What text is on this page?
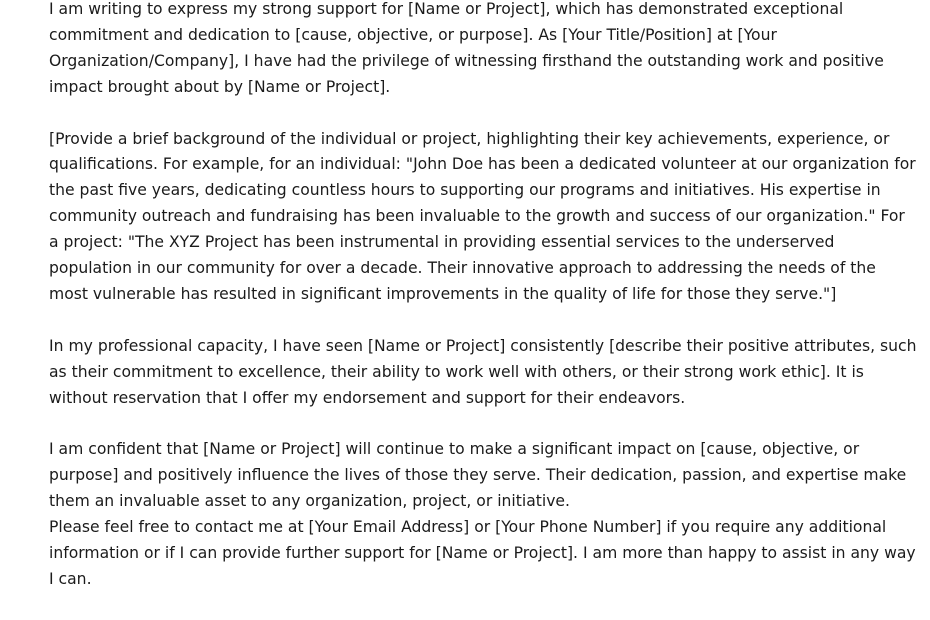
I am writing to express my strong support for [Name or Project], which has demonstrated exceptional commitment and dedication to [cause, objective, or purpose]. As [Your Title/Position] at [Your Organization/Company], I have had the privilege of witnessing firsthand the outstanding work and positive impact brought about by [Name or Project].

[Provide a brief background of the individual or project, highlighting their key achievements, experience, or qualifications. For example, for an individual: "John Doe has been a dedicated volunteer at our organization for the past five years, dedicating countless hours to supporting our programs and initiatives. His expertise in community outreach and fundraising has been invaluable to the growth and success of our organization." For a project: "The XYZ Project has been instrumental in providing essential services to the underserved population in our community for over a decade. Their innovative approach to addressing the needs of the most vulnerable has resulted in significant improvements in the quality of life for those they serve."]

In my professional capacity, I have seen [Name or Project] consistently [describe their positive attributes, such as their commitment to excellence, their ability to work well with others, or their strong work ethic]. It is without reservation that I offer my endorsement and support for their endeavors.

I am confident that [Name or Project] will continue to make a significant impact on [cause, objective, or purpose] and positively influence the lives of those they serve. Their dedication, passion, and expertise make them an invaluable asset to any organization, project, or initiative.

Please feel free to contact me at [Your Email Address] or [Your Phone Number] if you require any additional information or if I can provide further support for [Name or Project]. I am more than happy to assist in any way I can.
